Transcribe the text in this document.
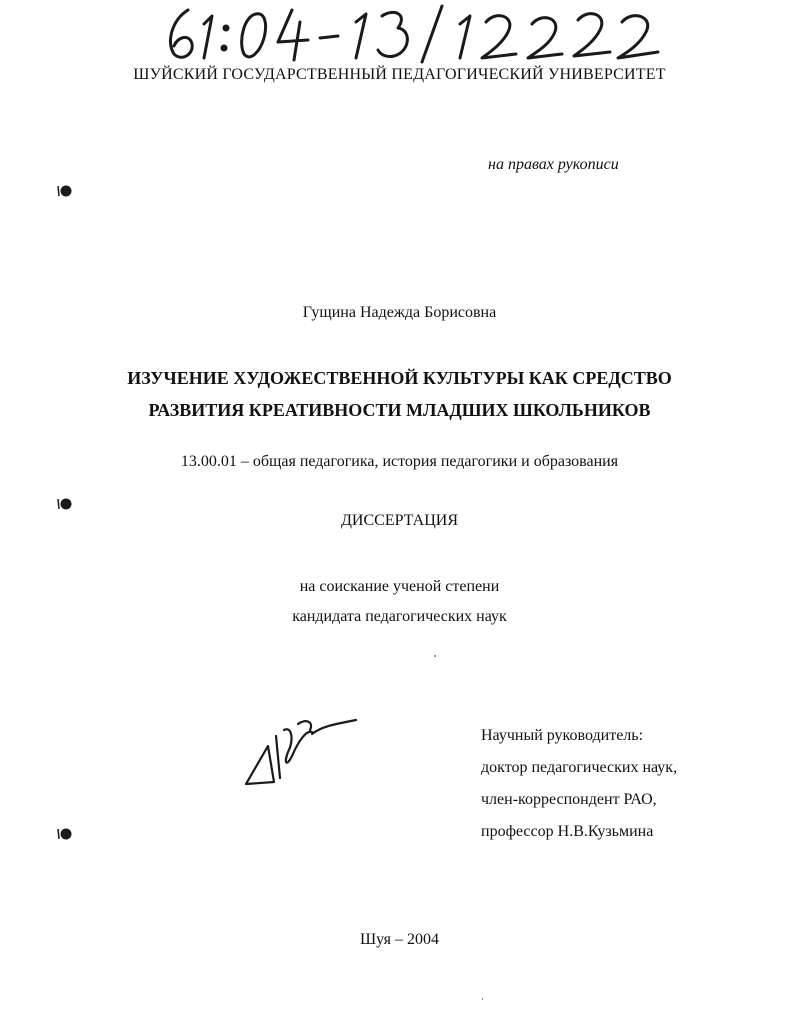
ШУЙСКИЙ ГОСУДАРСТВЕННЫЙ ПЕДАГОГИЧЕСКИЙ УНИВЕРСИТЕТ
на правах рукописи
Гущина Надежда Борисовна
ИЗУЧЕНИЕ ХУДОЖЕСТВЕННОЙ КУЛЬТУРЫ КАК СРЕДСТВО
РАЗВИТИЯ КРЕАТИВНОСТИ МЛАДШИХ ШКОЛЬНИКОВ
13.00.01 – общая педагогика, история педагогики и образования
ДИССЕРТАЦИЯ
на соискание ученой степени
кандидата педагогических наук
Научный руководитель:
доктор педагогических наук,
член-корреспондент РАО,
профессор Н.В.Кузьмина
Шуя – 2004
